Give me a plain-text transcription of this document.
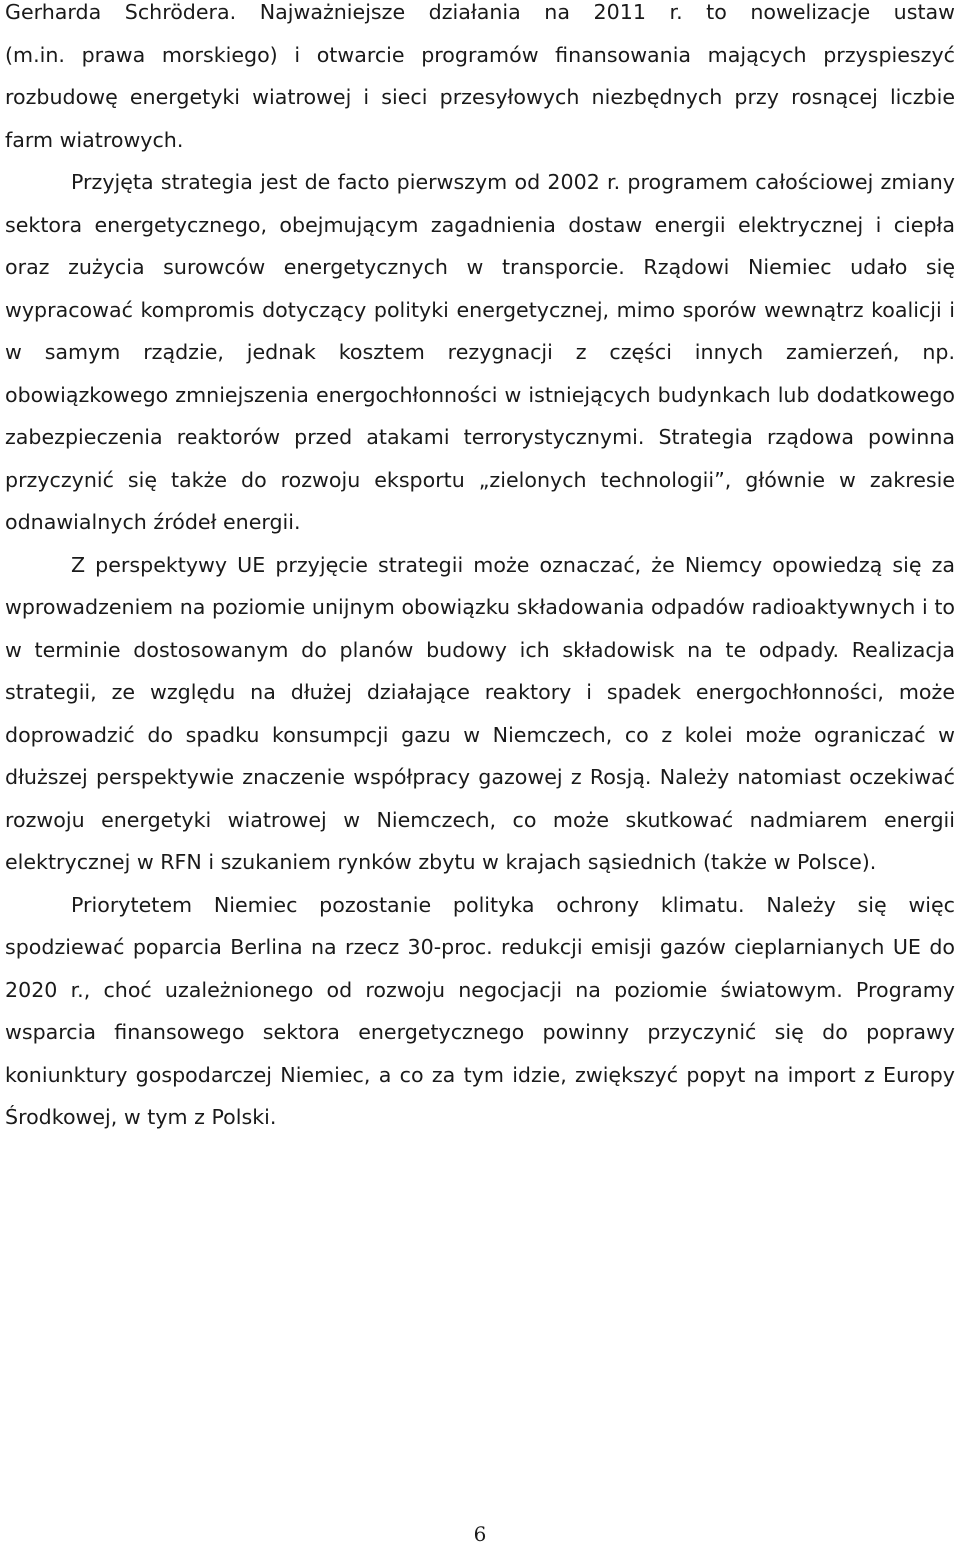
Gerharda Schrödera. Najważniejsze działania na 2011 r. to nowelizacje ustaw
(m.in. prawa morskiego) i otwarcie programów finansowania mających przyspieszyć rozbudowę energetyki wiatrowej i sieci przesyłowych niezbędnych przy rosnącej liczbie farm wiatrowych.

Przyjęta strategia jest de facto pierwszym od 2002 r. programem całościowej zmiany sektora energetycznego, obejmującym zagadnienia dostaw energii elektrycznej i ciepła oraz zużycia surowców energetycznych w transporcie. Rządowi Niemiec udało się wypracować kompromis dotyczący polityki energetycznej, mimo sporów wewnątrz koalicji i w samym rządzie, jednak kosztem rezygnacji z części innych zamierzeń, np. obowiązkowego zmniejszenia energochłonności w istniejących budynkach lub dodatkowego zabezpieczenia reaktorów przed atakami terrorystycznymi. Strategia rządowa powinna przyczynić się także do rozwoju eksportu „zielonych technologii”, głównie w zakresie odnawialnych źródeł energii.

Z perspektywy UE przyjęcie strategii może oznaczać, że Niemcy opowiedzą się za wprowadzeniem na poziomie unijnym obowiązku składowania odpadów radioaktywnych i to w terminie dostosowanym do planów budowy ich składowisk na te odpady. Realizacja strategii, ze względu na dłużej działające reaktory i spadek energochłonności, może doprowadzić do spadku konsumpcji gazu w Niemczech, co z kolei może ograniczać w dłuższej perspektywie znaczenie współpracy gazowej z Rosją. Należy natomiast oczekiwać rozwoju energetyki wiatrowej w Niemczech, co może skutkować nadmiarem energii elektrycznej w RFN i szukaniem rynków zbytu w krajach sąsiednich (także w Polsce).

Priorytetem Niemiec pozostanie polityka ochrony klimatu. Należy się więc spodziewać poparcia Berlina na rzecz 30-proc. redukcji emisji gazów cieplarnianych UE do 2020 r., choć uzależnionego od rozwoju negocjacji na poziomie światowym. Programy wsparcia finansowego sektora energetycznego powinny przyczynić się do poprawy koniunktury gospodarczej Niemiec, a co za tym idzie, zwiększyć popyt na import z Europy Środkowej, w tym z Polski.

6
